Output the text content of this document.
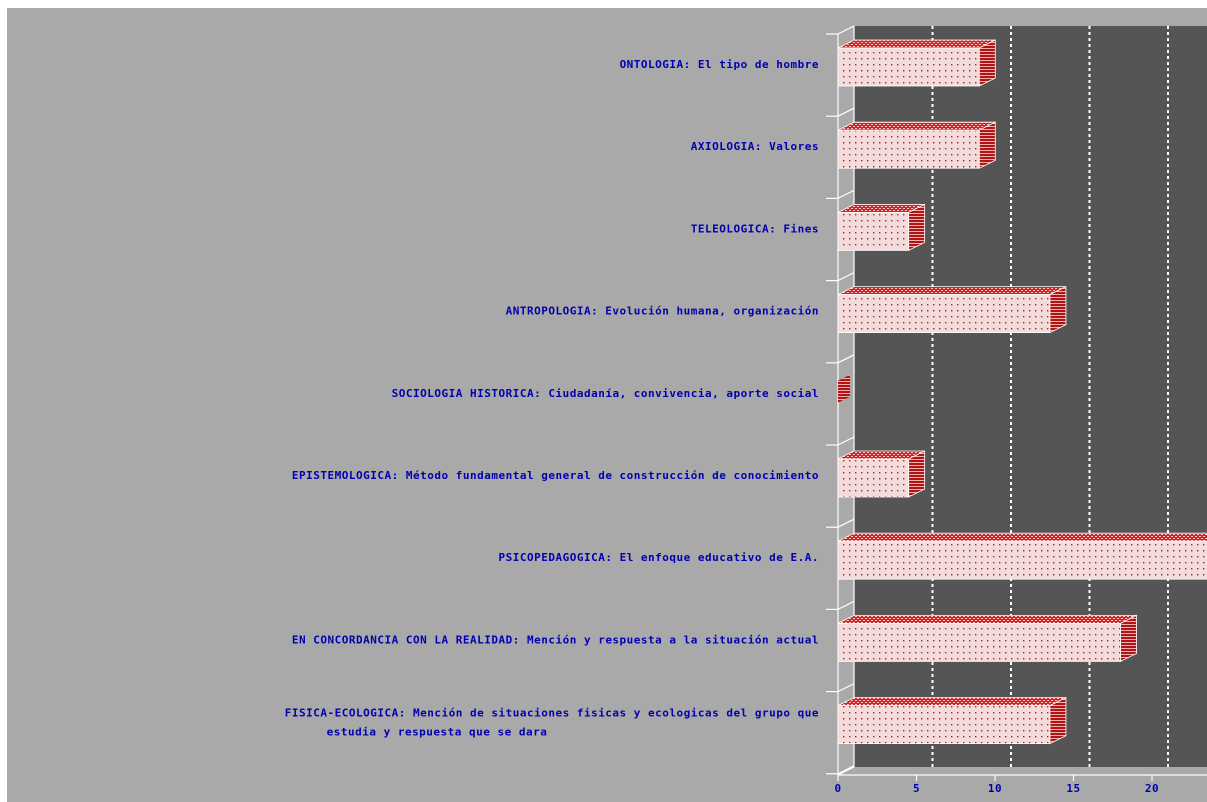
0	5	10	15	20
ONTOLOGIA: El tipo de hombre
AXIOLOGIA: Valores
TELEOLOGICA: Fines
ANTROPOLOGIA: Evolución humana, organización
SOCIOLOGIA HISTORICA: Ciudadanía, convivencia, aporte social
EPISTEMOLOGICA: Método fundamental general de construcción de conocimiento
PSICOPEDAGOGICA: El enfoque educativo de E.A.
EN CONCORDANCIA CON LA REALIDAD: Mención y respuesta a la situación actual
FISICA-ECOLOGICA: Mención de situaciones fisicas y ecologicas del grupo que estudia y respuesta que se dara
